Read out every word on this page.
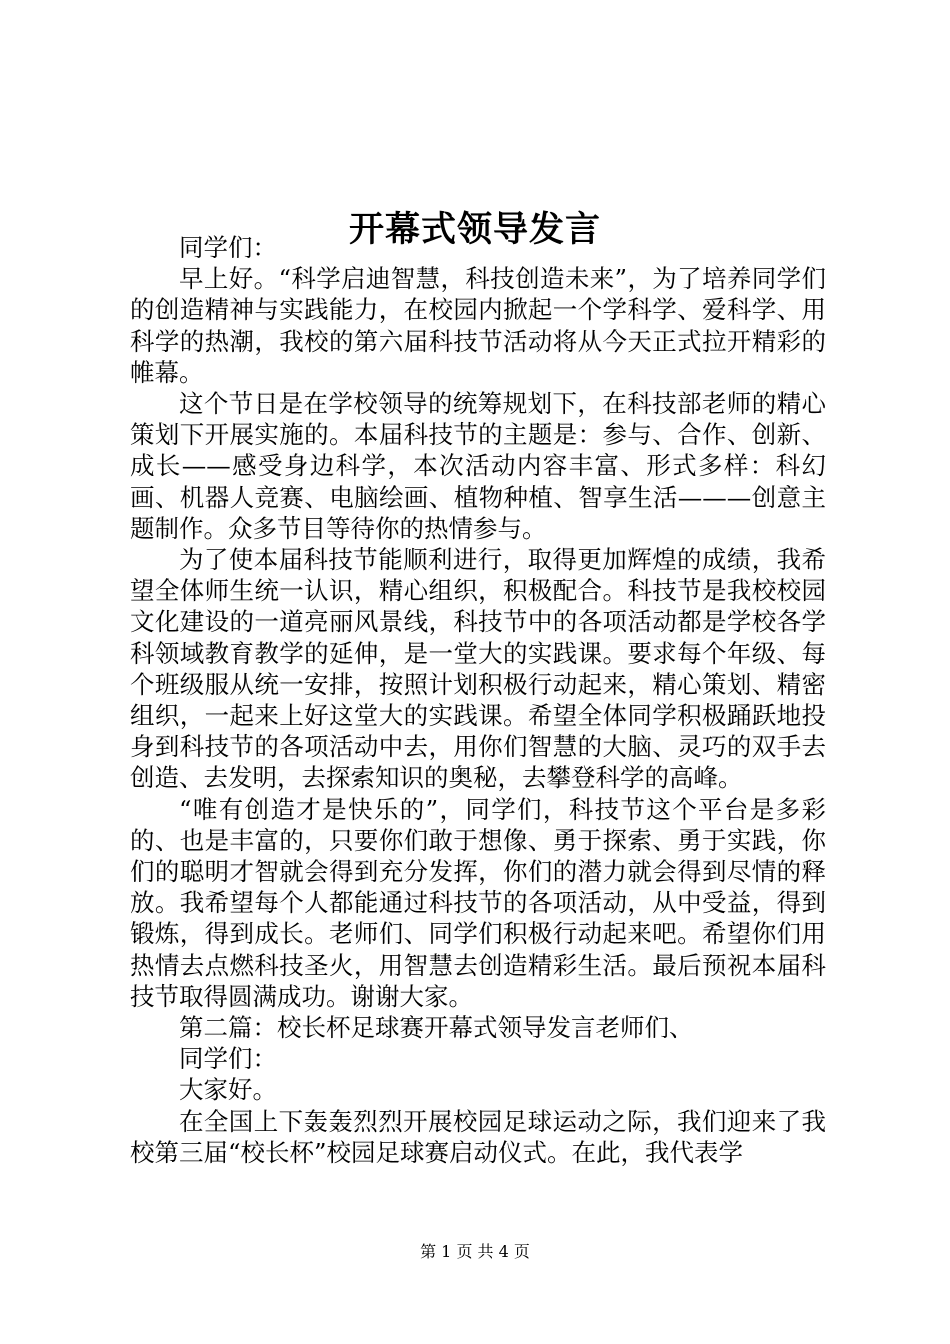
开幕式领导发言

同学们：

早上好。“科学启迪智慧，科技创造未来”，为了培养同学们的创造精神与实践能力，在校园内掀起一个学科学、爱科学、用科学的热潮，我校的第六届科技节活动将从今天正式拉开精彩的帷幕。

这个节日是在学校领导的统筹规划下，在科技部老师的精心策划下开展实施的。本届科技节的主题是：参与、合作、创新、成长——感受身边科学，本次活动内容丰富、形式多样：科幻画、机器人竞赛、电脑绘画、植物种植、智享生活———创意主题制作。众多节目等待你的热情参与。

为了使本届科技节能顺利进行，取得更加辉煌的成绩，我希望全体师生统一认识，精心组织，积极配合。科技节是我校校园文化建设的一道亮丽风景线，科技节中的各项活动都是学校各学科领域教育教学的延伸，是一堂大的实践课。要求每个年级、每个班级服从统一安排，按照计划积极行动起来，精心策划、精密组织，一起来上好这堂大的实践课。希望全体同学积极踊跃地投身到科技节的各项活动中去，用你们智慧的大脑、灵巧的双手去创造、去发明，去探索知识的奥秘，去攀登科学的高峰。

“唯有创造才是快乐的”，同学们，科技节这个平台是多彩的、也是丰富的，只要你们敢于想像、勇于探索、勇于实践，你们的聪明才智就会得到充分发挥，你们的潜力就会得到尽情的释放。我希望每个人都能通过科技节的各项活动，从中受益，得到锻炼，得到成长。老师们、同学们积极行动起来吧。希望你们用热情去点燃科技圣火，用智慧去创造精彩生活。最后预祝本届科技节取得圆满成功。谢谢大家。

第二篇：校长杯足球赛开幕式领导发言老师们、

同学们：

大家好。

在全国上下轰轰烈烈开展校园足球运动之际，我们迎来了我校第三届“校长杯”校园足球赛启动仪式。在此，我代表学

第 1 页 共 4 页
